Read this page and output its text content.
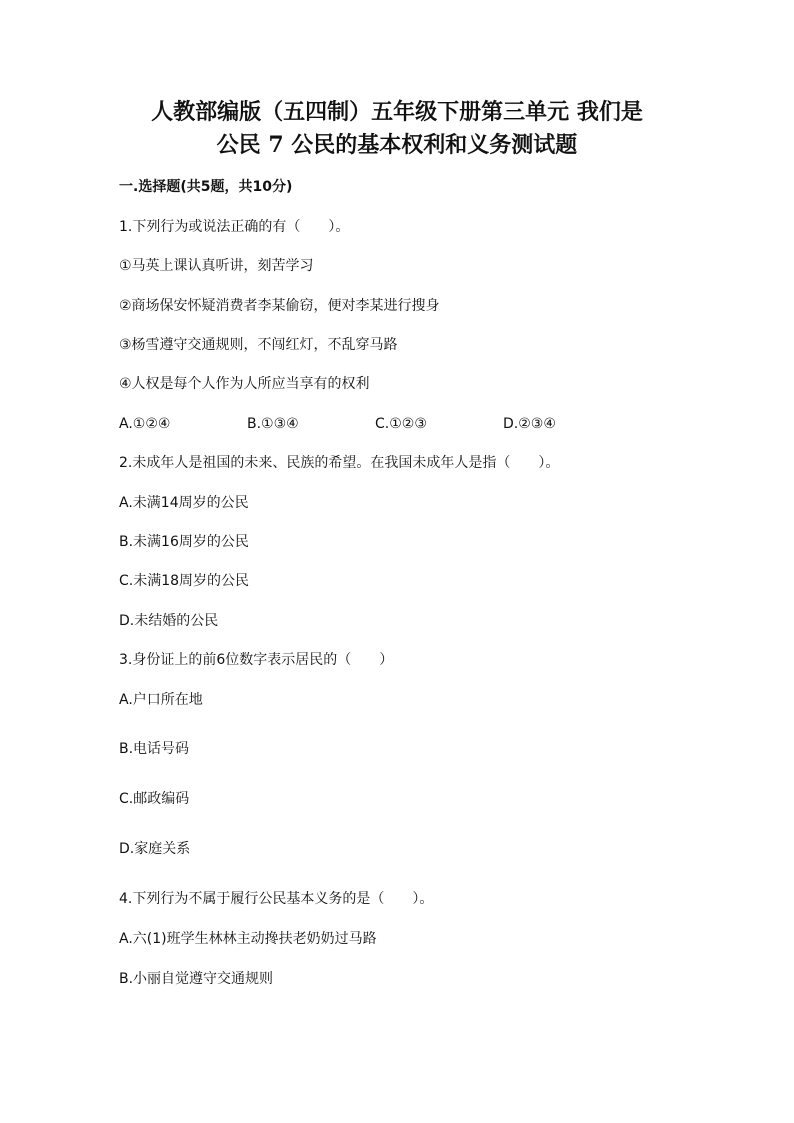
人教部编版（五四制）五年级下册第三单元 我们是
公民 7 公民的基本权利和义务测试题
一.选择题(共5题，共10分)
1.下列行为或说法正确的有（　　）。
①马英上课认真听讲，刻苦学习
②商场保安怀疑消费者李某偷窃，便对李某进行搜身
③杨雪遵守交通规则，不闯红灯，不乱穿马路
④人权是每个人作为人所应当享有的权利
A.①②④	B.①③④	C.①②③	D.②③④
2.未成年人是祖国的未来、民族的希望。在我国未成年人是指（　　）。
A.未满14周岁的公民
B.未满16周岁的公民
C.未满18周岁的公民
D.未结婚的公民
3.身份证上的前6位数字表示居民的（　　）
A.户口所在地
B.电话号码
C.邮政编码
D.家庭关系
4.下列行为不属于履行公民基本义务的是（　　）。
A.六(1)班学生林林主动搀扶老奶奶过马路
B.小丽自觉遵守交通规则
